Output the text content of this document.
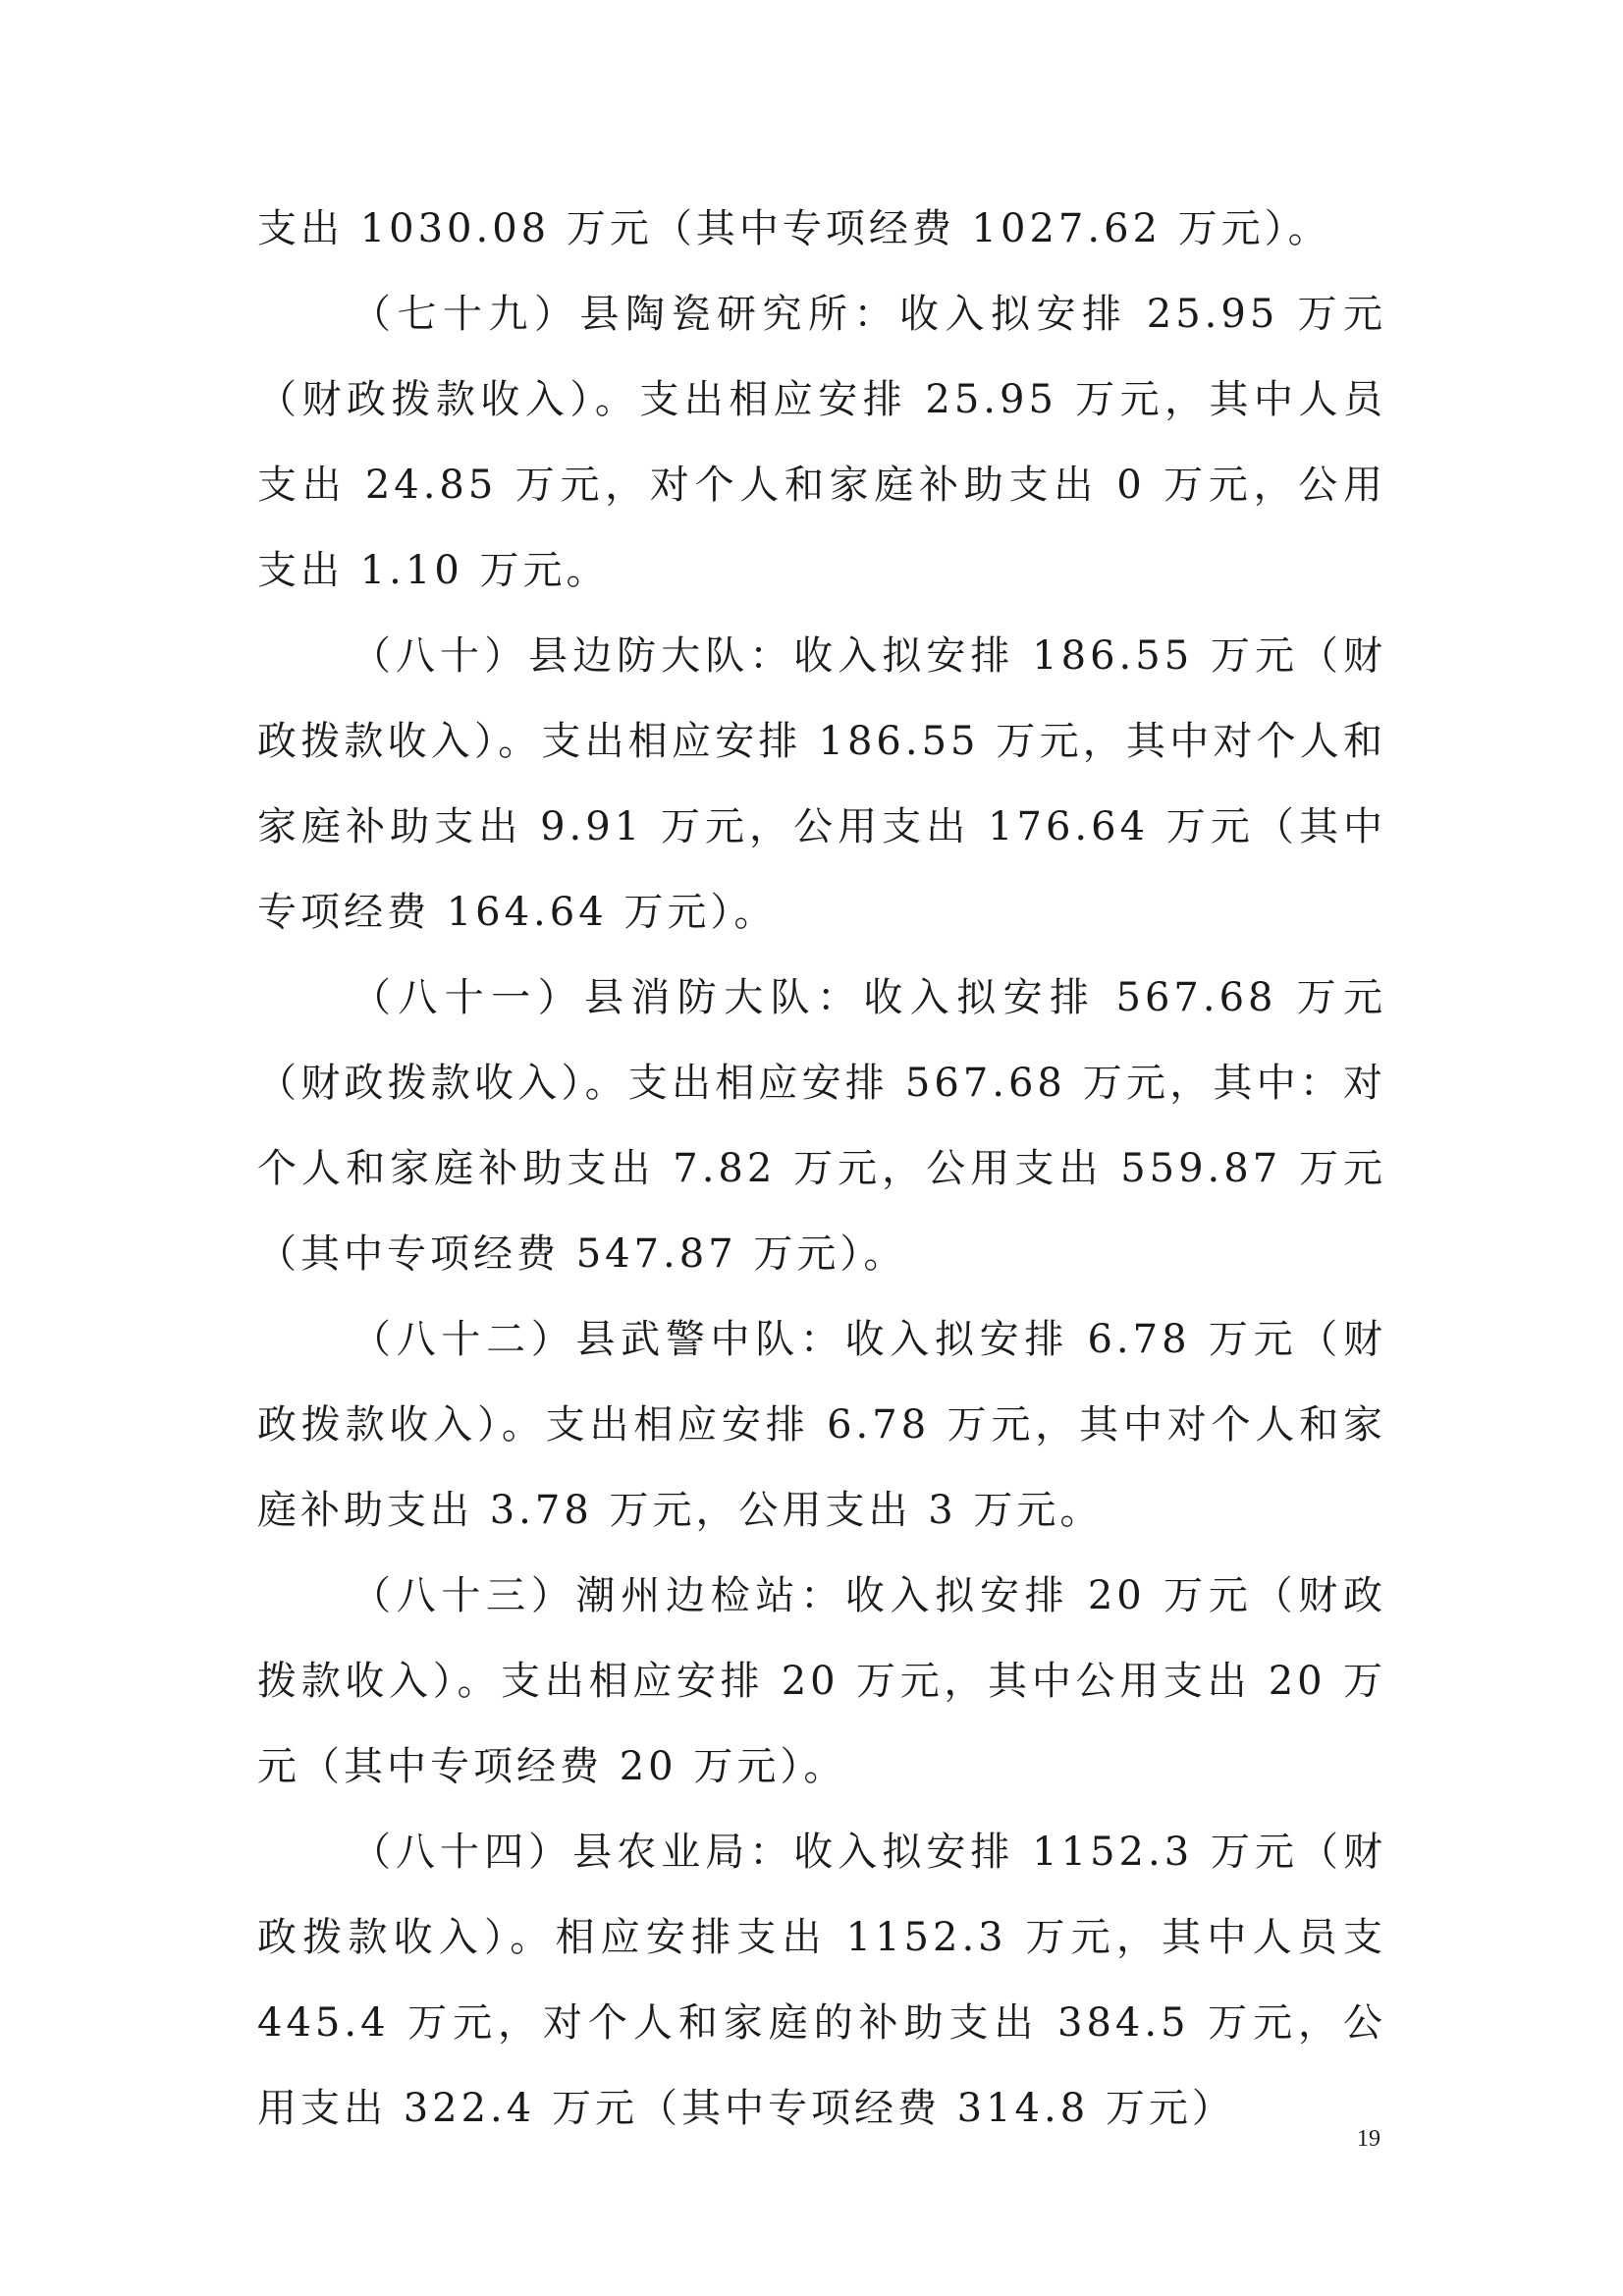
支出 1030.08 万元（其中专项经费 1027.62 万元）。

（七十九）县陶瓷研究所：收入拟安排 25.95 万元（财政拨款收入）。支出相应安排 25.95 万元，其中人员支出 24.85 万元，对个人和家庭补助支出 0 万元，公用支出 1.10 万元。

（八十）县边防大队：收入拟安排 186.55 万元（财政拨款收入）。支出相应安排 186.55 万元，其中对个人和家庭补助支出 9.91 万元，公用支出 176.64 万元（其中专项经费 164.64 万元）。

（八十一）县消防大队：收入拟安排 567.68 万元（财政拨款收入）。支出相应安排 567.68 万元，其中：对个人和家庭补助支出 7.82 万元，公用支出 559.87 万元（其中专项经费 547.87 万元）。

（八十二）县武警中队：收入拟安排 6.78 万元（财政拨款收入）。支出相应安排 6.78 万元，其中对个人和家庭补助支出 3.78 万元，公用支出 3 万元。

（八十三）潮州边检站：收入拟安排 20 万元（财政拨款收入）。支出相应安排 20 万元，其中公用支出 20 万元（其中专项经费 20 万元）。

（八十四）县农业局：收入拟安排 1152.3 万元（财政拨款收入）。相应安排支出 1152.3 万元，其中人员支 445.4 万元，对个人和家庭的补助支出 384.5 万元，公用支出 322.4 万元（其中专项经费 314.8 万元）

19
